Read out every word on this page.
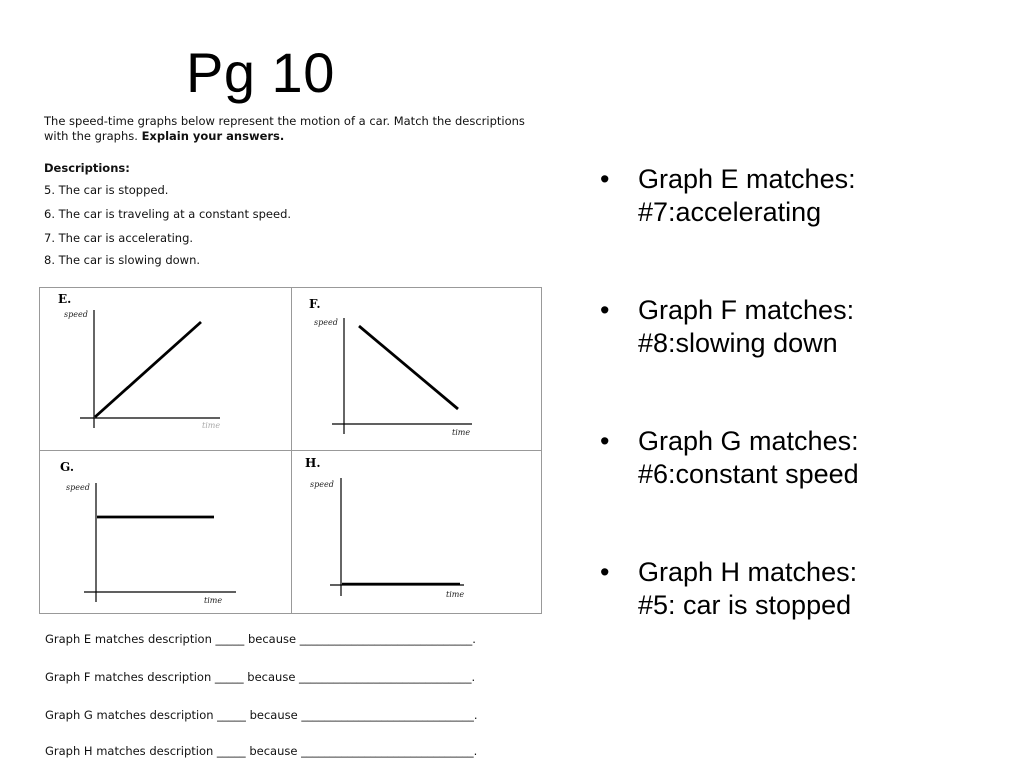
Pg 10
The speed-time graphs below represent the motion of a car. Match the descriptions
with the graphs. Explain your answers.
Descriptions:
5. The car is stopped.
6. The car is traveling at a constant speed.
7. The car is accelerating.
8. The car is slowing down.
E.
speed
time
F.
speed
time
G.
speed
time
H.
speed
time
Graph E matches description _____ because ______________________________.
Graph F matches description _____ because ______________________________.
Graph G matches description _____ because ______________________________.
Graph H matches description _____ because ______________________________.
• Graph E matches:
#7:accelerating
• Graph F matches:
#8:slowing down
• Graph G matches:
#6:constant speed
• Graph H matches:
#5: car is stopped
